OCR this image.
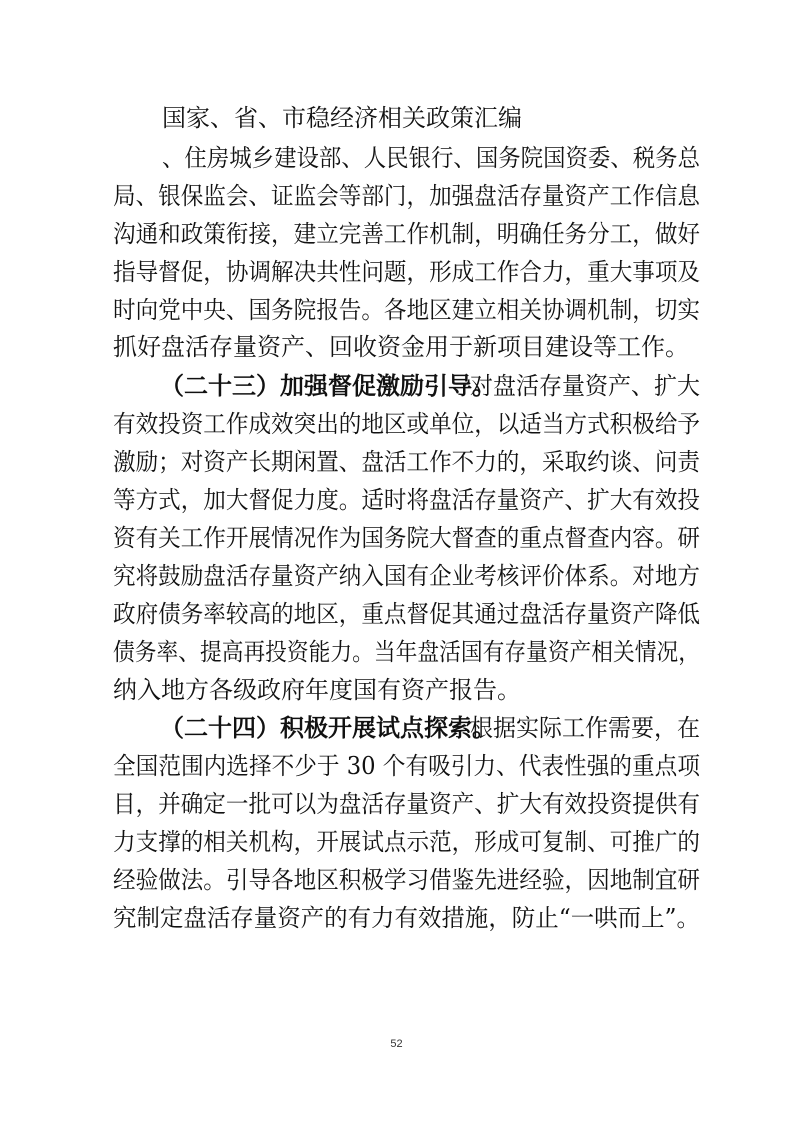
国家、省、市稳经济相关政策汇编
、住房城乡建设部、人民银行、国务院国资委、税务总
局、银保监会、证监会等部门，加强盘活存量资产工作信息
沟通和政策衔接，建立完善工作机制，明确任务分工，做好
指导督促，协调解决共性问题，形成工作合力，重大事项及
时向党中央、国务院报告。各地区建立相关协调机制，切实
抓好盘活存量资产、回收资金用于新项目建设等工作。
（二十三）加强督促激励引导。
对盘活存量资产、扩大
有效投资工作成效突出的地区或单位，以适当方式积极给予
激励；对资产长期闲置、盘活工作不力的，采取约谈、问责
等方式，加大督促力度。适时将盘活存量资产、扩大有效投
资有关工作开展情况作为国务院大督查的重点督查内容。研
究将鼓励盘活存量资产纳入国有企业考核评价体系。对地方
政府债务率较高的地区，重点督促其通过盘活存量资产降低
债务率、提高再投资能力。当年盘活国有存量资产相关情况，
纳入地方各级政府年度国有资产报告。
（二十四）积极开展试点探索。
根据实际工作需要，在
全国范围内选择不少于 30 个有吸引力、代表性强的重点项
目，并确定一批可以为盘活存量资产、扩大有效投资提供有
力支撑的相关机构，开展试点示范，形成可复制、可推广的
经验做法。引导各地区积极学习借鉴先进经验，因地制宜研
究制定盘活存量资产的有力有效措施，防止“一哄而上”。
52
